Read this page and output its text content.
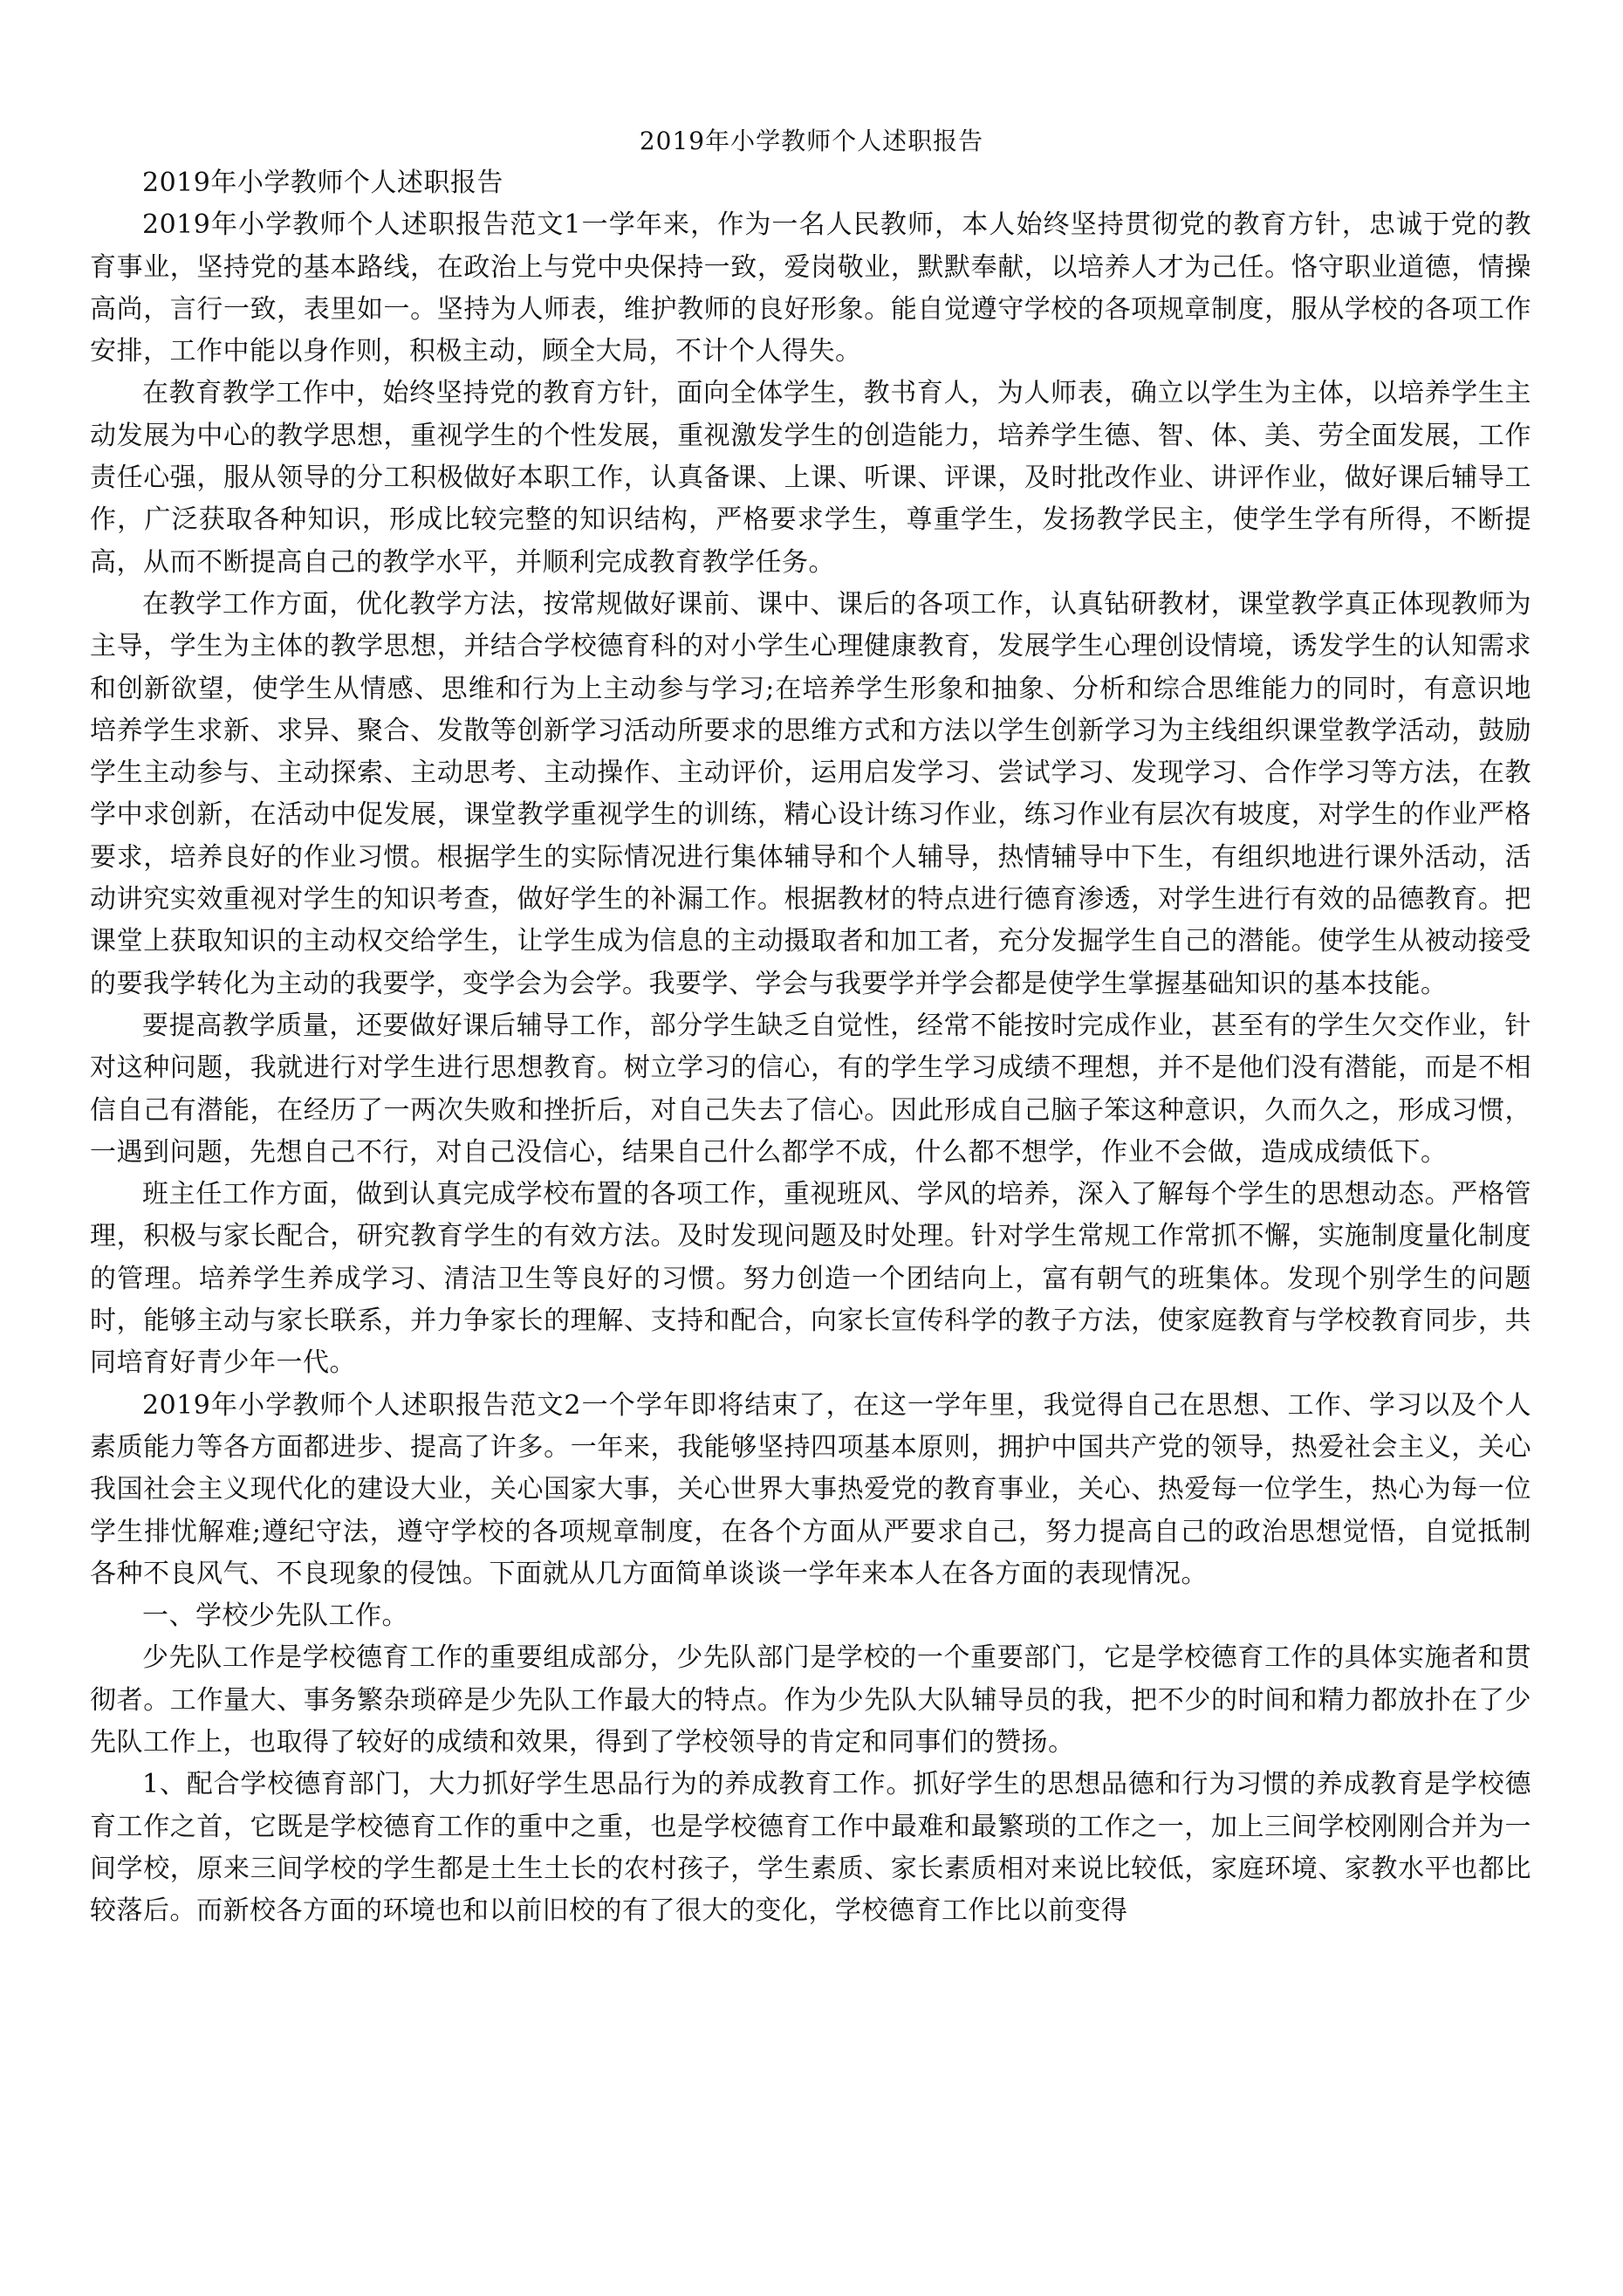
2019年小学教师个人述职报告

2019年小学教师个人述职报告

2019年小学教师个人述职报告范文1一学年来，作为一名人民教师，本人始终坚持贯彻党的教育方针，忠诚于党的教育事业，坚持党的基本路线，在政治上与党中央保持一致，爱岗敬业，默默奉献，以培养人才为己任。恪守职业道德，情操高尚，言行一致，表里如一。坚持为人师表，维护教师的良好形象。能自觉遵守学校的各项规章制度，服从学校的各项工作安排，工作中能以身作则，积极主动，顾全大局，不计个人得失。

在教育教学工作中，始终坚持党的教育方针，面向全体学生，教书育人，为人师表，确立以学生为主体，以培养学生主动发展为中心的教学思想，重视学生的个性发展，重视激发学生的创造能力，培养学生德、智、体、美、劳全面发展，工作责任心强，服从领导的分工积极做好本职工作，认真备课、上课、听课、评课，及时批改作业、讲评作业，做好课后辅导工作，广泛获取各种知识，形成比较完整的知识结构，严格要求学生，尊重学生，发扬教学民主，使学生学有所得，不断提高，从而不断提高自己的教学水平，并顺利完成教育教学任务。

在教学工作方面，优化教学方法，按常规做好课前、课中、课后的各项工作，认真钻研教材，课堂教学真正体现教师为主导，学生为主体的教学思想，并结合学校德育科的对小学生心理健康教育，发展学生心理创设情境，诱发学生的认知需求和创新欲望，使学生从情感、思维和行为上主动参与学习;在培养学生形象和抽象、分析和综合思维能力的同时，有意识地培养学生求新、求异、聚合、发散等创新学习活动所要求的思维方式和方法以学生创新学习为主线组织课堂教学活动，鼓励学生主动参与、主动探索、主动思考、主动操作、主动评价，运用启发学习、尝试学习、发现学习、合作学习等方法，在教学中求创新，在活动中促发展，课堂教学重视学生的训练，精心设计练习作业，练习作业有层次有坡度，对学生的作业严格要求，培养良好的作业习惯。根据学生的实际情况进行集体辅导和个人辅导，热情辅导中下生，有组织地进行课外活动，活动讲究实效重视对学生的知识考查，做好学生的补漏工作。根据教材的特点进行德育渗透，对学生进行有效的品德教育。把课堂上获取知识的主动权交给学生，让学生成为信息的主动摄取者和加工者，充分发掘学生自己的潜能。使学生从被动接受的要我学转化为主动的我要学，变学会为会学。我要学、学会与我要学并学会都是使学生掌握基础知识的基本技能。

要提高教学质量，还要做好课后辅导工作，部分学生缺乏自觉性，经常不能按时完成作业，甚至有的学生欠交作业，针对这种问题，我就进行对学生进行思想教育。树立学习的信心，有的学生学习成绩不理想，并不是他们没有潜能，而是不相信自己有潜能，在经历了一两次失败和挫折后，对自己失去了信心。因此形成自己脑子笨这种意识，久而久之，形成习惯，一遇到问题，先想自己不行，对自己没信心，结果自己什么都学不成，什么都不想学，作业不会做，造成成绩低下。

班主任工作方面，做到认真完成学校布置的各项工作，重视班风、学风的培养，深入了解每个学生的思想动态。严格管理，积极与家长配合，研究教育学生的有效方法。及时发现问题及时处理。针对学生常规工作常抓不懈，实施制度量化制度的管理。培养学生养成学习、清洁卫生等良好的习惯。努力创造一个团结向上，富有朝气的班集体。发现个别学生的问题时，能够主动与家长联系，并力争家长的理解、支持和配合，向家长宣传科学的教子方法，使家庭教育与学校教育同步，共同培育好青少年一代。

2019年小学教师个人述职报告范文2一个学年即将结束了，在这一学年里，我觉得自己在思想、工作、学习以及个人素质能力等各方面都进步、提高了许多。一年来，我能够坚持四项基本原则，拥护中国共产党的领导，热爱社会主义，关心我国社会主义现代化的建设大业，关心国家大事，关心世界大事热爱党的教育事业，关心、热爱每一位学生，热心为每一位学生排忧解难;遵纪守法，遵守学校的各项规章制度，在各个方面从严要求自己，努力提高自己的政治思想觉悟，自觉抵制各种不良风气、不良现象的侵蚀。下面就从几方面简单谈谈一学年来本人在各方面的表现情况。

一、学校少先队工作。

少先队工作是学校德育工作的重要组成部分，少先队部门是学校的一个重要部门，它是学校德育工作的具体实施者和贯彻者。工作量大、事务繁杂琐碎是少先队工作最大的特点。作为少先队大队辅导员的我，把不少的时间和精力都放扑在了少先队工作上，也取得了较好的成绩和效果，得到了学校领导的肯定和同事们的赞扬。

1、配合学校德育部门，大力抓好学生思品行为的养成教育工作。抓好学生的思想品德和行为习惯的养成教育是学校德育工作之首，它既是学校德育工作的重中之重，也是学校德育工作中最难和最繁琐的工作之一，加上三间学校刚刚合并为一间学校，原来三间学校的学生都是土生土长的农村孩子，学生素质、家长素质相对来说比较低，家庭环境、家教水平也都比较落后。而新校各方面的环境也和以前旧校的有了很大的变化，学校德育工作比以前变得
